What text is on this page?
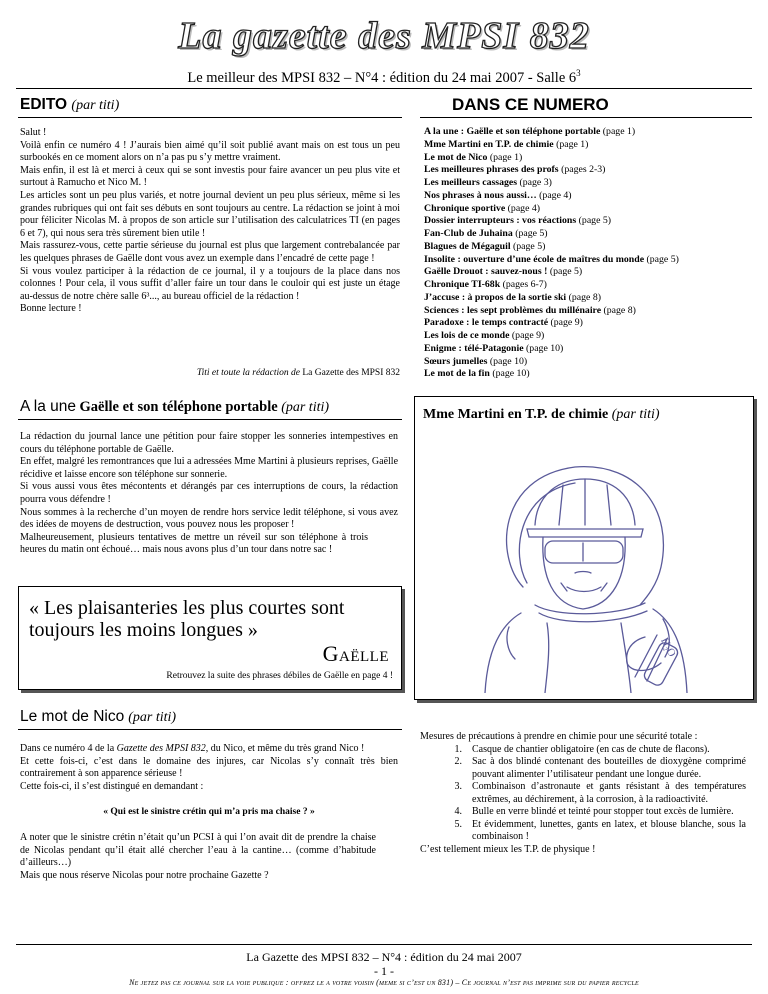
La gazette des MPSI 832
Le meilleur des MPSI 832 – N°4 : édition du 24 mai 2007 - Salle $6^3$
EDITO (par titi)

Salut !

Voilà enfin ce numéro 4 ! J’aurais bien aimé qu’il soit publié avant mais on est tous un peu surbookés en ce moment alors on n’a pas pu s’y mettre vraiment.

Mais enfin, il est là et merci à ceux qui se sont investis pour faire avancer un peu plus vite et surtout à Ramucho et Nico M. !

Les articles sont un peu plus variés, et notre journal devient un peu plus sérieux, même si les grandes rubriques qui ont fait ses débuts en sont toujours au centre. La rédaction se joint à moi pour féliciter Nicolas M. à propos de son article sur l’utilisation des calculatrices TI (en pages 6 et 7), qui nous sera très sûrement bien utile !

Mais rassurez-vous, cette partie sérieuse du journal est plus que largement contrebalancée par les quelques phrases de Gaëlle dont vous avez un exemple dans l’encadré de cette page !

Si vous voulez participer à la rédaction de ce journal, il y a toujours de la place dans nos colonnes ! Pour cela, il vous suffit d’aller faire un tour dans le couloir qui est juste un étage au-dessus de notre chère salle 6³..., au bureau officiel de la rédaction !

Bonne lecture !

Titi et toute la rédaction de La Gazette des MPSI 832
DANS CE NUMERO
A la une : Gaëlle et son téléphone portable (page 1)
Mme Martini en T.P. de chimie (page 1)
Le mot de Nico (page 1)
Les meilleures phrases des profs (pages 2-3)
Les meilleurs cassages (page 3)
Nos phrases à nous aussi… (page 4)
Chronique sportive (page 4)
Dossier interrupteurs : vos réactions (page 5)
Fan-Club de Juhaina (page 5)
Blagues de Mégaguil (page 5)
Insolite : ouverture d’une école de maîtres du monde (page 5)
Gaëlle Drouot : sauvez-nous ! (page 5)
Chronique TI-68k (pages 6-7)
J’accuse : à propos de la sortie ski (page 8)
Sciences : les sept problèmes du millénaire (page 8)
Paradoxe : le temps contracté (page 9)
Les lois de ce monde (page 9)
Enigme : télé-Patagonie (page 10)
Sœurs jumelles (page 10)
Le mot de la fin (page 10)
A la une Gaëlle et son téléphone portable (par titi)

La rédaction du journal lance une pétition pour faire stopper les sonneries intempestives en cours du téléphone portable de Gaëlle.

En effet, malgré les remontrances que lui a adressées Mme Martini à plusieurs reprises, Gaëlle récidive et laisse encore son téléphone sur sonnerie.

Si vous aussi vous êtes mécontents et dérangés par ces interruptions de cours, la rédaction pourra vous défendre !

Nous sommes à la recherche d’un moyen de rendre hors service ledit téléphone, si vous avez des idées de moyens de destruction, vous pouvez nous les proposer !

Malheureusement, plusieurs tentatives de mettre un réveil sur son téléphone à trois heures du matin ont échoué… mais nous avons plus d’un tour dans notre sac !

« Les plaisanteries les plus courtes sont toujours les moins longues »
Gaëlle
Retrouvez la suite des phrases débiles de Gaëlle en page 4 !
Mme Martini en T.P. de chimie (par titi)
H₂O
Le mot de Nico (par titi)

Dans ce numéro 4 de la Gazette des MPSI 832, du Nico, et même du très grand Nico !

Et cette fois-ci, c’est dans le domaine des injures, car Nicolas s’y connaît très bien contrairement à son apparence sérieuse !

Cette fois-ci, il s’est distingué en demandant :

« Qui est le sinistre crétin qui m’a pris ma chaise ? »

A noter que le sinistre crétin n’était qu’un PCSI à qui l’on avait dit de prendre la chaise de Nicolas pendant qu’il était allé chercher l’eau à la cantine… (comme d’habitude d’ailleurs…)

Mais que nous réserve Nicolas pour notre prochaine Gazette ?

Mesures de précautions à prendre en chimie pour une sécurité totale :
1.	Casque de chantier obligatoire (en cas de chute de flacons).
2.	Sac à dos blindé contenant des bouteilles de dioxygène comprimé pouvant alimenter l’utilisateur pendant une longue durée.
3.	Combinaison d’astronaute et gants résistant à des températures extrêmes, au déchirement, à la corrosion, à la radioactivité.
4.	Bulle en verre blindé et teinté pour stopper tout excès de lumière.
5.	Et évidemment, lunettes, gants en latex, et blouse blanche, sous la combinaison !
C’est tellement mieux les T.P. de physique !
La Gazette des MPSI 832 – N°4 : édition du 24 mai 2007
- 1 -
Ne jetez pas ce journal sur la voie publique : offrez le a votre voisin (meme si c’est un 831) – Ce journal n’est pas imprime sur du papier recycle
